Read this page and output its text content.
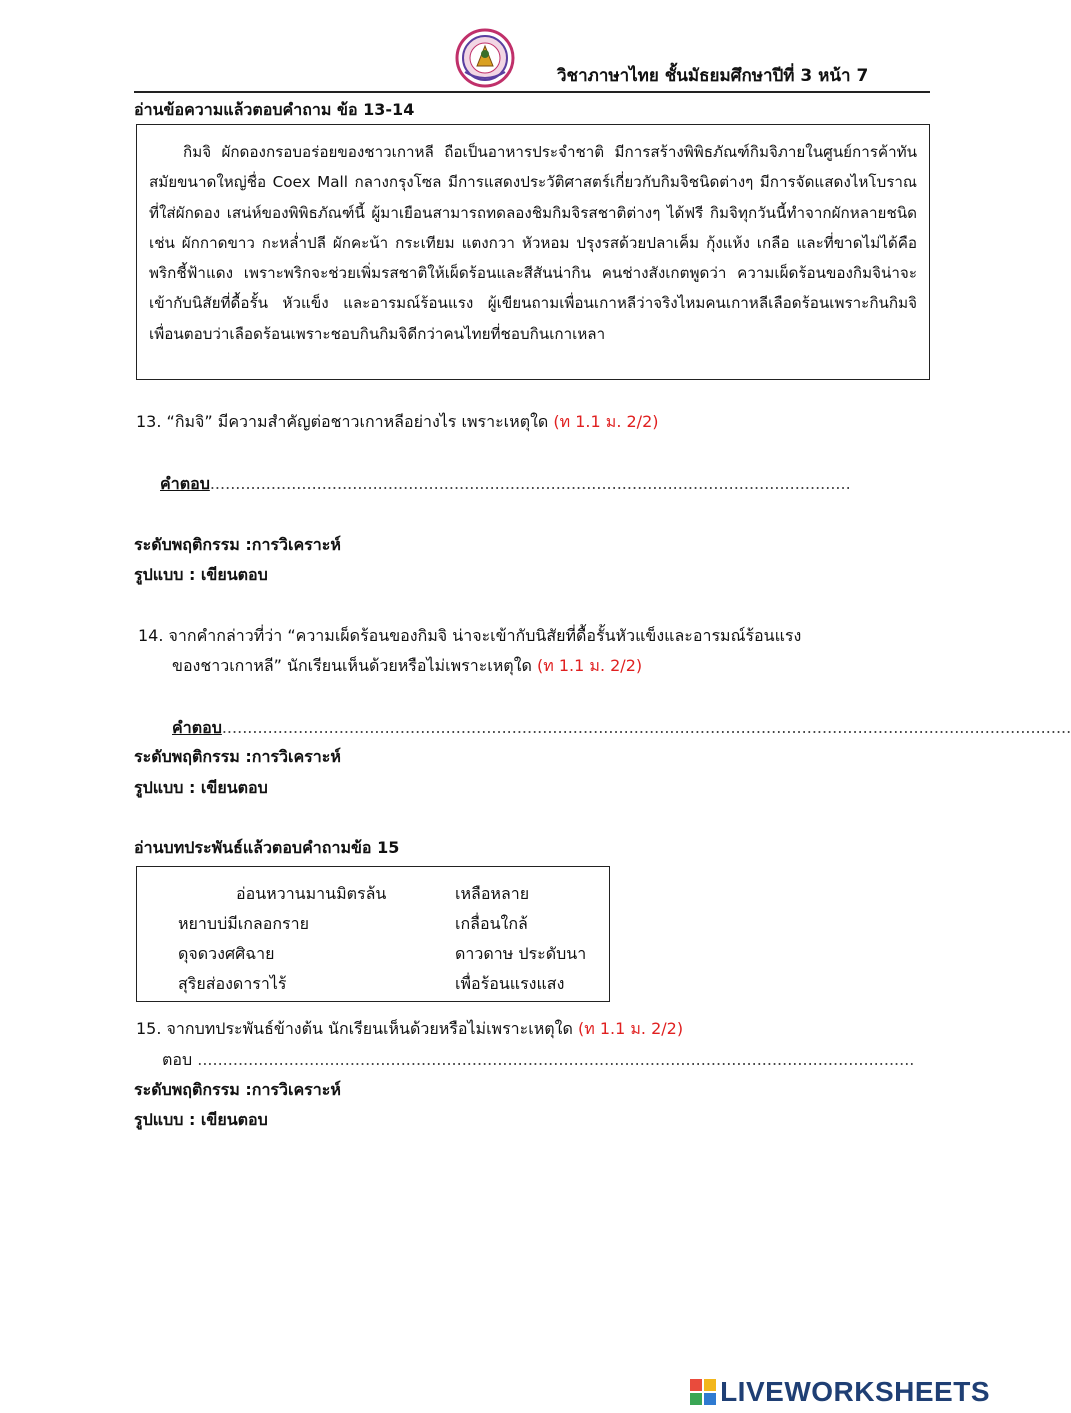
วิชาภาษาไทย ชั้นมัธยมศึกษาปีที่ 3 หน้า 7
อ่านข้อความแล้วตอบคำถาม ข้อ 13-14

กิมจิ ผักดองกรอบอร่อยของชาวเกาหลี ถือเป็นอาหารประจำชาติ มีการสร้างพิพิธภัณฑ์กิมจิภายในศูนย์การค้าทันสมัยขนาดใหญ่ชื่อ Coex Mall กลางกรุงโซล มีการแสดงประวัติศาสตร์เกี่ยวกับกิมจิชนิดต่างๆ มีการจัดแสดงไหโบราณที่ใส่ผักดอง เสน่ห์ของพิพิธภัณฑ์นี้ ผู้มาเยือนสามารถทดลองชิมกิมจิรสชาติต่างๆ ได้ฟรี กิมจิทุกวันนี้ทำจากผักหลายชนิด เช่น ผักกาดขาว กะหล่ำปลี ผักคะน้า กระเทียม แตงกวา หัวหอม ปรุงรสด้วยปลาเค็ม กุ้งแห้ง เกลือ และที่ขาดไม่ได้คือ พริกชี้ฟ้าแดง เพราะพริกจะช่วยเพิ่มรสชาติให้เผ็ดร้อนและสีสันน่ากิน คนช่างสังเกตพูดว่า ความเผ็ดร้อนของกิมจิน่าจะเข้ากับนิสัยที่ดื้อรั้น หัวแข็ง และอารมณ์ร้อนแรง ผู้เขียนถามเพื่อนเกาหลีว่าจริงไหมคนเกาหลีเลือดร้อนเพราะกินกิมจิ เพื่อนตอบว่าเลือดร้อนเพราะชอบกินกิมจิดีกว่าคนไทยที่ชอบกินเกาเหลา

13. “กิมจิ” มีความสำคัญต่อชาวเกาหลีอย่างไร เพราะเหตุใด (ท 1.1 ม. 2/2)
คำตอบ..............................................................................................................................
ระดับพฤติกรรม :การวิเคราะห์
รูปแบบ : เขียนตอบ
14. จากคำกล่าวที่ว่า “ความเผ็ดร้อนของกิมจิ น่าจะเข้ากับนิสัยที่ดื้อรั้นหัวแข็งและอารมณ์ร้อนแรง
ของชาวเกาหลี” นักเรียนเห็นด้วยหรือไม่เพราะเหตุใด (ท 1.1 ม. 2/2)
คำตอบ.......................................................................................................................................................................
ระดับพฤติกรรม :การวิเคราะห์
รูปแบบ : เขียนตอบ
อ่านบทประพันธ์แล้วตอบคำถามข้อ 15
อ่อนหวานมานมิตรล้น	เหลือหลาย
หยาบบ่มีเกลอกราย	เกลื่อนใกล้
ดุจดวงศศิฉาย	ดาวดาษ ประดับนา
สุริยส่องดาราไร้	เพื่อร้อนแรงแสง
15. จากบทประพันธ์ข้างต้น นักเรียนเห็นด้วยหรือไม่เพราะเหตุใด (ท 1.1 ม. 2/2)
ตอบ .............................................................................................................................................
ระดับพฤติกรรม :การวิเคราะห์
รูปแบบ : เขียนตอบ
LIVEWORKSHEETS
